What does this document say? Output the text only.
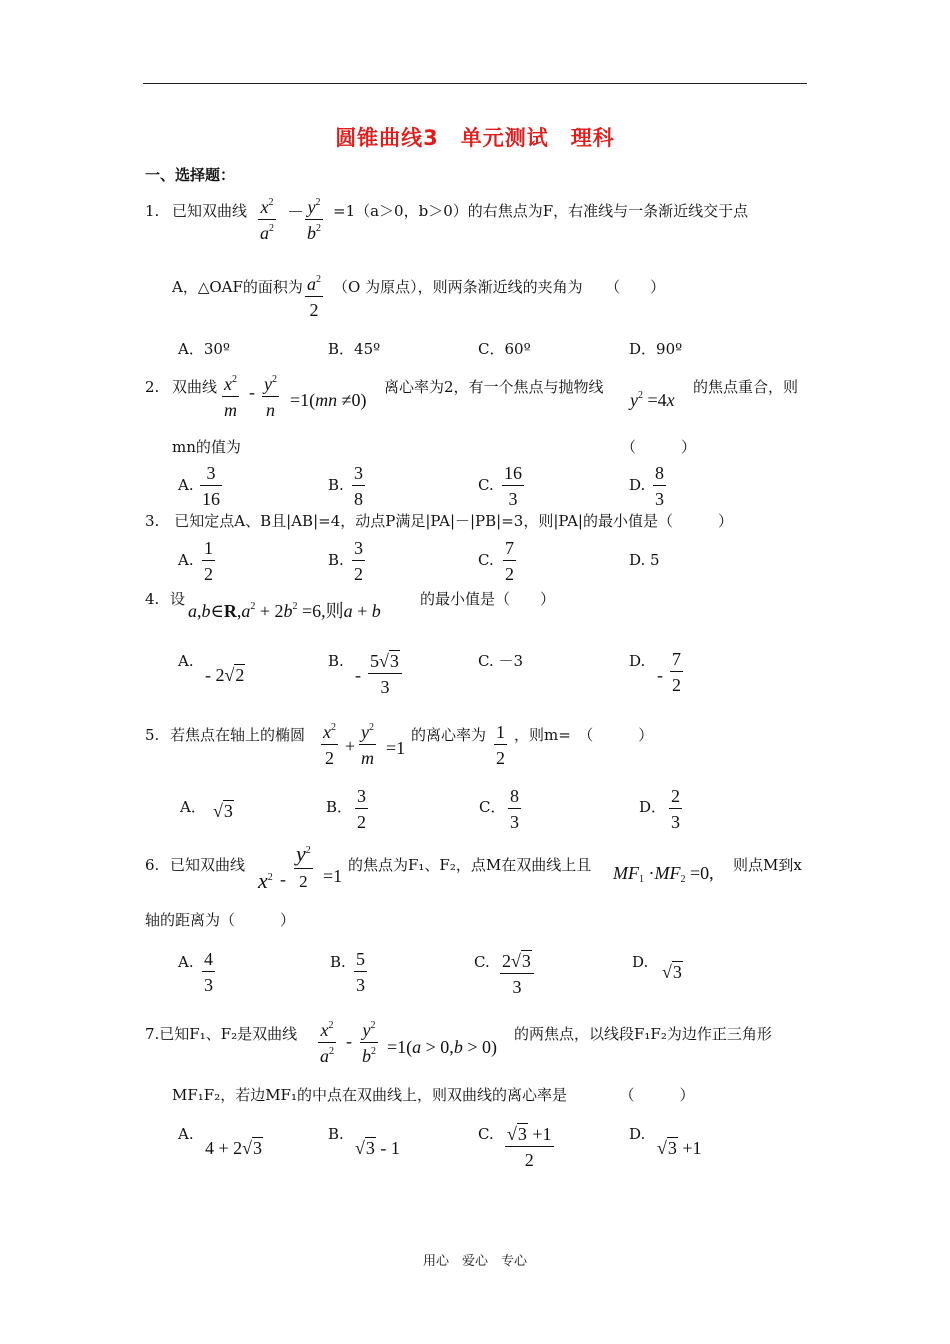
圆锥曲线3　单元测试　理科
一、选择题：
1. 已知双曲线 $\frac{x^2}{a^2} - \frac{y^2}{b^2} =1(a>0$，b＞0）的右焦点为F，右准线与一条渐近线交于点
A，△OAF的面积为 $\frac{a^2}{2} (O$ 为原点），则两条渐近线的夹角为　　（　　）
A．30º	B．45º	C．60º	D．90º
2. 双曲线 $\frac{x^2}{m} - \frac{y^2}{n} =1(mn \ne 0)$
离心率为2，有一个焦点与抛物线
$y^2 =4x$
的焦点重合，则
mn的值为	（　　　）
A. $\frac{3}{16}$	B. $\frac{3}{8}$	C. $\frac{16}{3}$	D. $\frac{8}{3}$
3.　已知定点A、B且|AB|=4，动点P满足|PA|－|PB|=3，则|PA|的最小值是（　　　）
A. $\frac{1}{2}$	B. $\frac{3}{2}$	C. $\frac{7}{2}$	D. 5
4. 设
$a,b\in R,a^2 + 2b^2 =6$,则a + b
的最小值是（　　）
A.
- 2√2
B.
- $\frac{5√3}{3}$	C. －3	D.
- $\frac{7}{2}$
5. 若焦点在轴上的椭圆 $\frac{x^2}{2} + \frac{y^2}{m} =1$
的离心率为 $\frac{1}{2}$ ，则m=　（　　　）
A． √3	B． $\frac{3}{2}$	C． $\frac{8}{3}$	D． $\frac{2}{3}$
6. 已知双曲线
$x^2$ -
$y^2$
2 =1
的焦点为F₁、F₂，点M在双曲线上且 $MF_1 \cdot MF_2 =0$, 则点M到x
轴的距离为（　　　）
A. $\frac{4}{3}$	B. $\frac{5}{3}$	C. $\frac{2√3}{3}$	D. √3
7.已知F₁、F₂是双曲线 $\frac{x^2}{a^2} - \frac{y^2}{b^2} =1(a > 0,b > 0)$
的两焦点，以线段F₁F₂为边作正三角形
MF₁F₂，若边MF₁的中点在双曲线上，则双曲线的离心率是　　　　（　　　）
A.
4 + 2√3
B.
√3 - 1
C. $\frac{√3 +1}{2}$	D.
√3 +1
用心　爱心　专心
